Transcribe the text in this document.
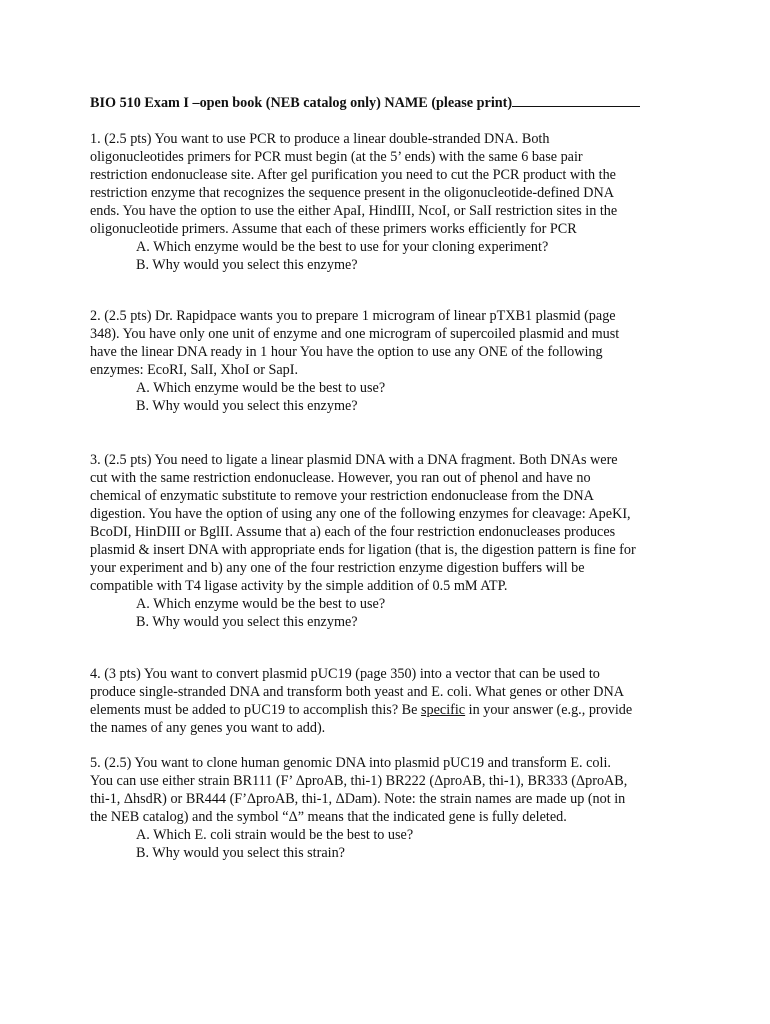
BIO 510 Exam I –open book (NEB catalog only) NAME (please print)
1. (2.5 pts) You want to use PCR to produce a linear double-stranded DNA. Both
oligonucleotides primers for PCR must begin (at the 5’ ends) with the same 6 base pair
restriction endonuclease site. After gel purification you need to cut the PCR product with the
restriction enzyme that recognizes the sequence present in the oligonucleotide-defined DNA
ends. You have the option to use the either ApaI, HindIII, NcoI, or SalI restriction sites in the
oligonucleotide primers. Assume that each of these primers works efficiently for PCR
A. Which enzyme would be the best to use for your cloning experiment?
B. Why would you select this enzyme?
2. (2.5 pts) Dr. Rapidpace wants you to prepare 1 microgram of linear pTXB1 plasmid (page
348). You have only one unit of enzyme and one microgram of supercoiled plasmid and must
have the linear DNA ready in 1 hour You have the option to use any ONE of the following
enzymes: EcoRI, SalI, XhoI or SapI.
A. Which enzyme would be the best to use?
B. Why would you select this enzyme?
3. (2.5 pts) You need to ligate a linear plasmid DNA with a DNA fragment. Both DNAs were
cut with the same restriction endonuclease. However, you ran out of phenol and have no
chemical of enzymatic substitute to remove your restriction endonuclease from the DNA
digestion. You have the option of using any one of the following enzymes for cleavage: ApeKI,
BcoDI, HinDIII or BglII. Assume that a) each of the four restriction endonucleases produces
plasmid & insert DNA with appropriate ends for ligation (that is, the digestion pattern is fine for
your experiment and b) any one of the four restriction enzyme digestion buffers will be
compatible with T4 ligase activity by the simple addition of 0.5 mM ATP.
A. Which enzyme would be the best to use?
B. Why would you select this enzyme?
4. (3 pts) You want to convert plasmid pUC19 (page 350) into a vector that can be used to
produce single-stranded DNA and transform both yeast and E. coli. What genes or other DNA
elements must be added to pUC19 to accomplish this? Be specific in your answer (e.g., provide
the names of any genes you want to add).
5. (2.5) You want to clone human genomic DNA into plasmid pUC19 and transform E. coli.
You can use either strain BR111 (F’ ΔproAB, thi-1) BR222 (ΔproAB, thi-1), BR333 (ΔproAB,
thi-1, ΔhsdR) or BR444 (F’ΔproAB, thi-1, ΔDam). Note: the strain names are made up (not in
the NEB catalog) and the symbol “Δ” means that the indicated gene is fully deleted.
A. Which E. coli strain would be the best to use?
B. Why would you select this strain?
